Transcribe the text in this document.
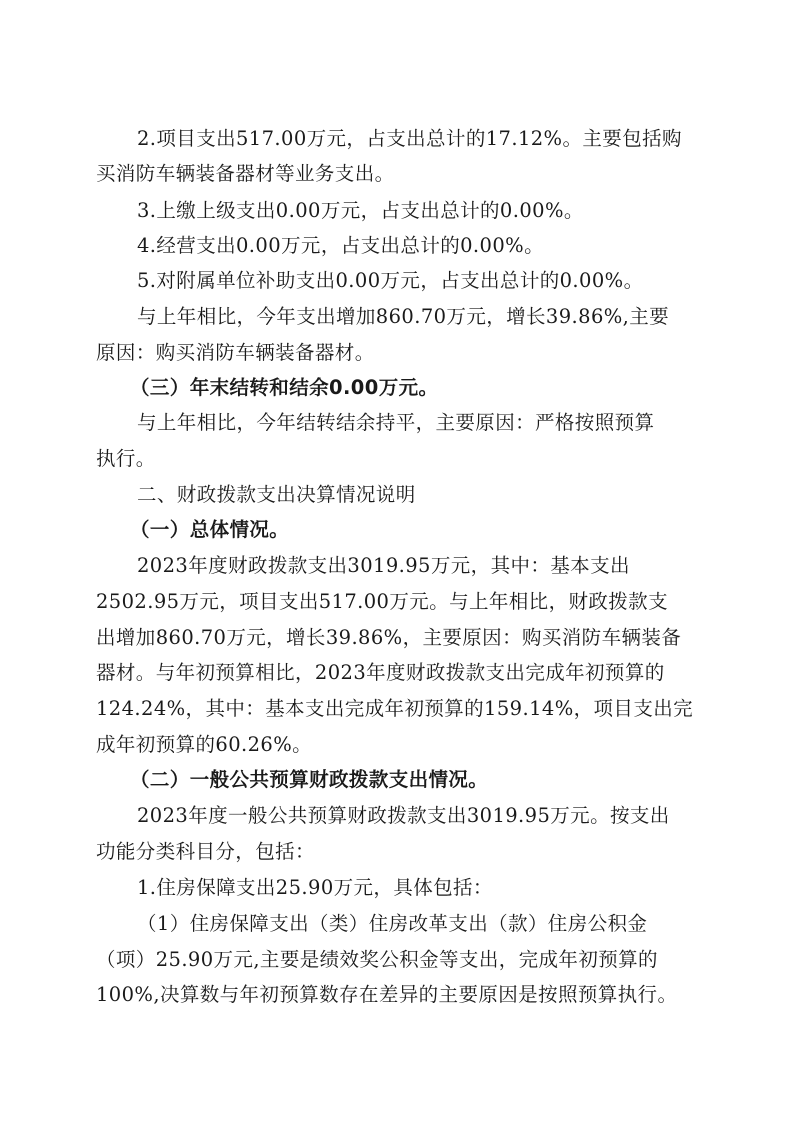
2.项目支出517.00万元，占支出总计的17.12%。主要包括购
买消防车辆装备器材等业务支出。
3.上缴上级支出0.00万元，占支出总计的0.00%。
4.经营支出0.00万元，占支出总计的0.00%。
5.对附属单位补助支出0.00万元，占支出总计的0.00%。
与上年相比，今年支出增加860.70万元，增长39.86%,主要
原因：购买消防车辆装备器材。
（三）年末结转和结余0.00万元。
与上年相比，今年结转结余持平，主要原因：严格按照预算
执行。
二、财政拨款支出决算情况说明
（一）总体情况。
2023年度财政拨款支出3019.95万元，其中：基本支出
2502.95万元，项目支出517.00万元。与上年相比，财政拨款支
出增加860.70万元，增长39.86%，主要原因：购买消防车辆装备
器材。与年初预算相比，2023年度财政拨款支出完成年初预算的
124.24%，其中：基本支出完成年初预算的159.14%，项目支出完
成年初预算的60.26%。
（二）一般公共预算财政拨款支出情况。
2023年度一般公共预算财政拨款支出3019.95万元。按支出
功能分类科目分，包括：
1.住房保障支出25.90万元，具体包括：
（1）住房保障支出（类）住房改革支出（款）住房公积金
（项）25.90万元,主要是绩效奖公积金等支出，完成年初预算的
100%,决算数与年初预算数存在差异的主要原因是按照预算执行。
